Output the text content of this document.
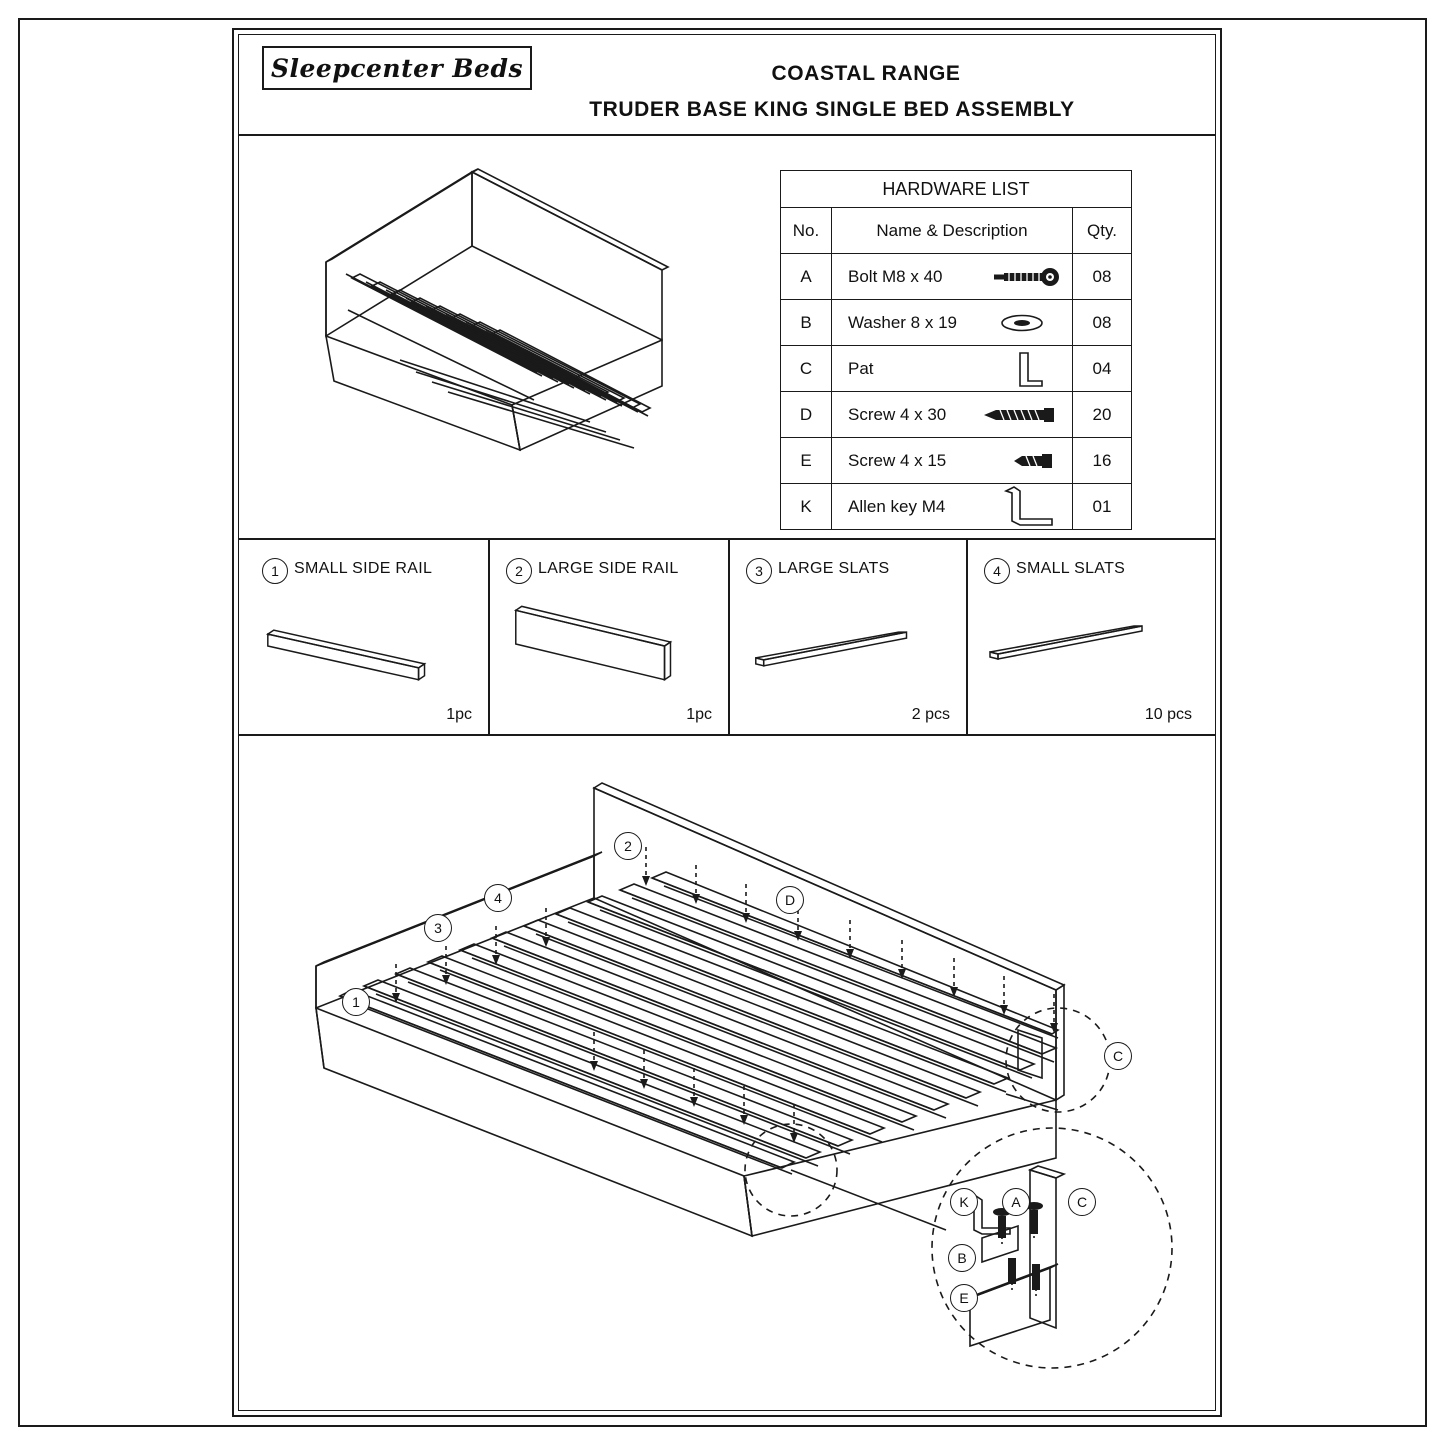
Sleepcenter Beds	COASTAL RANGE
TRUDER BASE KING SINGLE BED ASSEMBLY
HARDWARE LIST		
No.	Name & Description	Qty.
A	Bolt M8 x 40	08
B	Washer 8 x 19	08
C	Pat	04
D	Screw 4 x 30	20
E	Screw 4 x 15	16
K	Allen key M4	01
1 SMALL SIDE RAIL
1pc
2 LARGE SIDE RAIL
1pc
3 LARGE SLATS
2 pcs
4 SMALL SLATS
10 pcs
1
2
3
4	D
C
K	A
B
E
C
